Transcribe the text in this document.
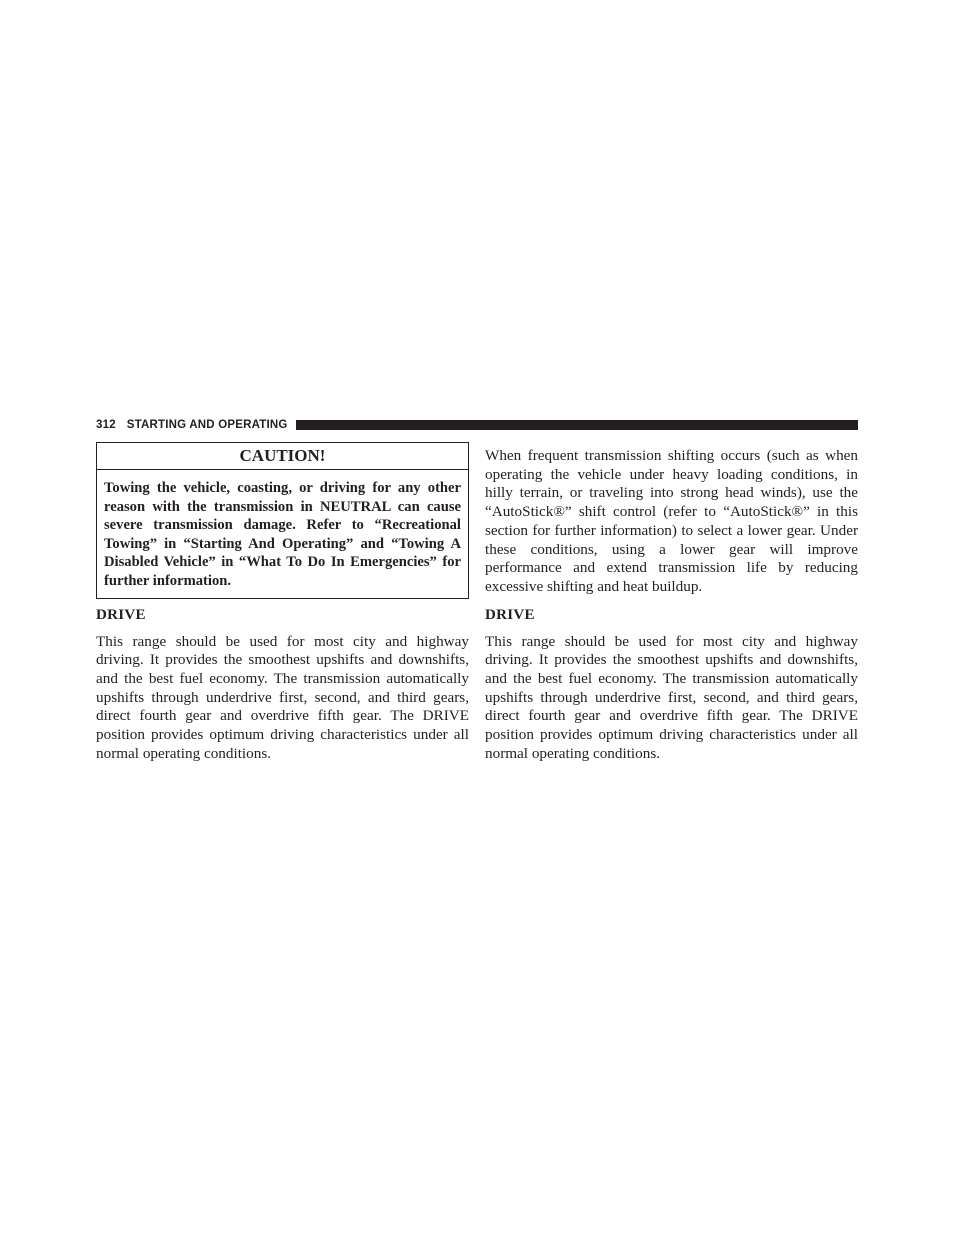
312 STARTING AND OPERATING
CAUTION!
Towing the vehicle, coasting, or driving for any other reason with the transmission in NEUTRAL can cause severe transmission damage. Refer to “Recreational Towing” in “Starting And Operating” and “Towing A Disabled Vehicle” in “What To Do In Emergencies” for further information.
DRIVE

This range should be used for most city and highway driving. It provides the smoothest upshifts and downshifts, and the best fuel economy. The transmission automatically upshifts through underdrive first, second, and third gears, direct fourth gear and overdrive fifth gear. The DRIVE position provides optimum driving characteristics under all normal operating conditions.

When frequent transmission shifting occurs (such as when operating the vehicle under heavy loading conditions, in hilly terrain, or traveling into strong head winds), use the “AutoStick®” shift control (refer to “AutoStick®” in this section for further information) to select a lower gear. Under these conditions, using a lower gear will improve performance and extend transmission life by reducing excessive shifting and heat buildup.

DRIVE

This range should be used for most city and highway driving. It provides the smoothest upshifts and downshifts, and the best fuel economy. The transmission automatically upshifts through underdrive first, second, and third gears, direct fourth gear and overdrive fifth gear. The DRIVE position provides optimum driving characteristics under all normal operating conditions.
